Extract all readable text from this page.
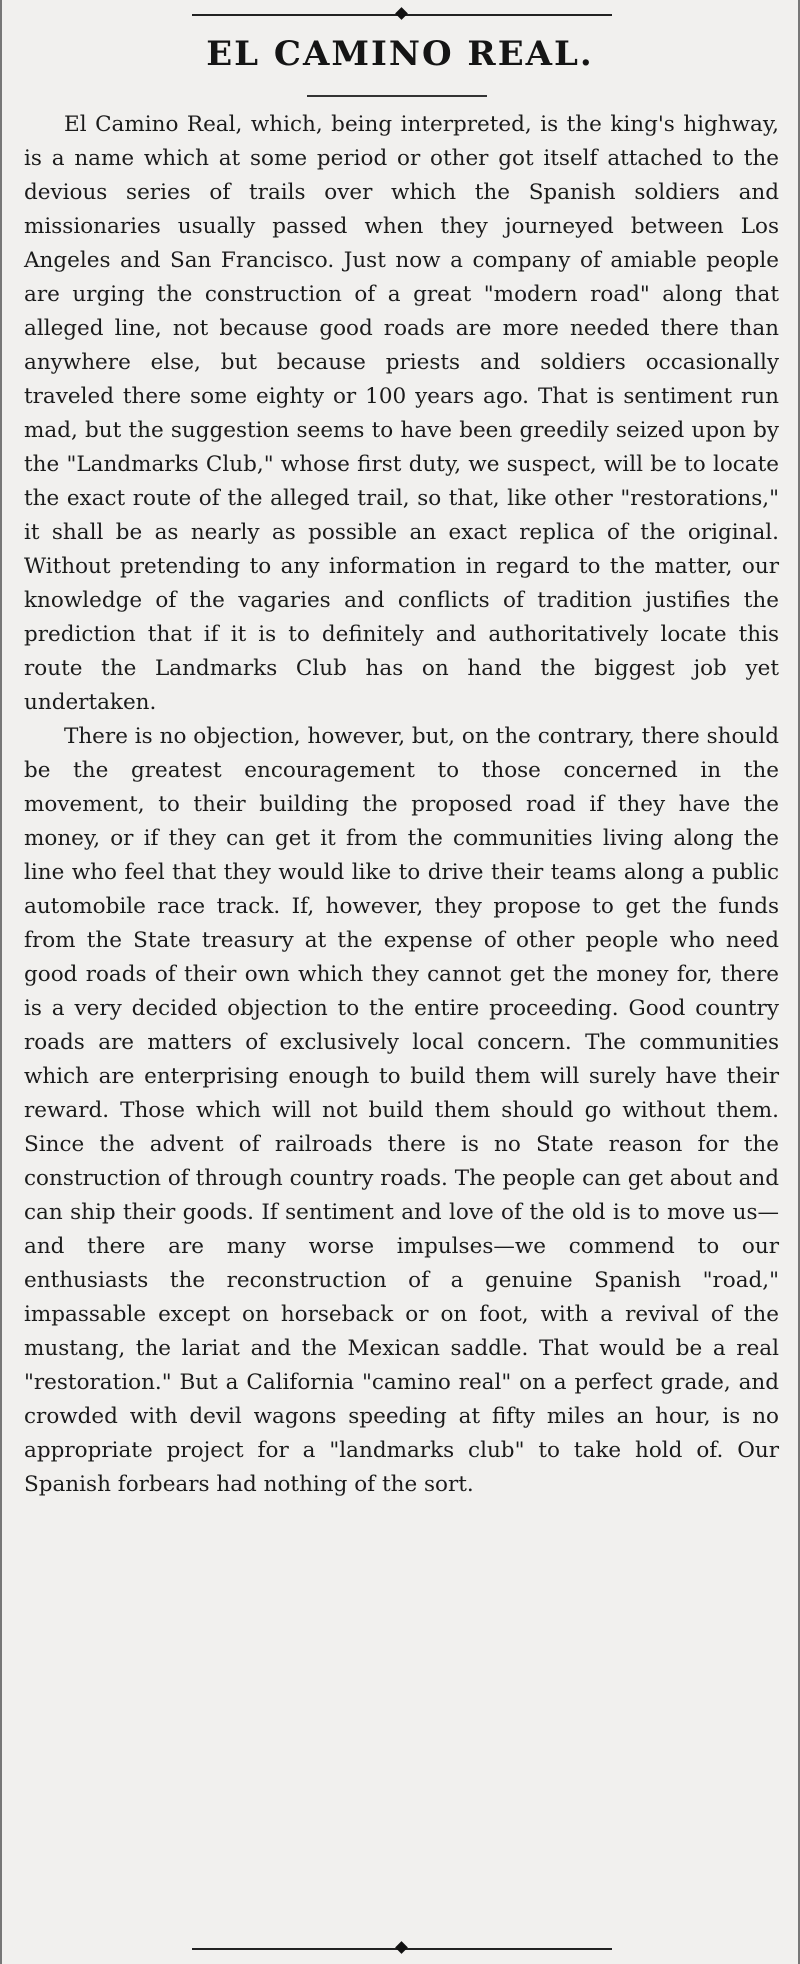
EL CAMINO REAL.

El Camino Real, which, being interpreted, is the king's highway, is a name which at some period or other got itself attached to the devious series of trails over which the Spanish soldiers and missionaries usually passed when they journeyed between Los Angeles and San Francisco. Just now a company of amiable people are urging the construction of a great "modern road" along that alleged line, not because good roads are more needed there than anywhere else, but because priests and soldiers occasionally traveled there some eighty or 100 years ago. That is sentiment run mad, but the suggestion seems to have been greedily seized upon by the "Landmarks Club," whose first duty, we suspect, will be to locate the exact route of the alleged trail, so that, like other "restorations," it shall be as nearly as possible an exact replica of the original. Without pretending to any information in regard to the matter, our knowledge of the vagaries and conflicts of tradition justifies the prediction that if it is to definitely and authoritatively locate this route the Landmarks Club has on hand the biggest job yet undertaken.

There is no objection, however, but, on the contrary, there should be the greatest encouragement to those concerned in the movement, to their building the proposed road if they have the money, or if they can get it from the communities living along the line who feel that they would like to drive their teams along a public automobile race track. If, however, they propose to get the funds from the State treasury at the expense of other people who need good roads of their own which they cannot get the money for, there is a very decided objection to the entire proceeding. Good country roads are matters of exclusively local concern. The communities which are enterprising enough to build them will surely have their reward. Those which will not build them should go without them. Since the advent of railroads there is no State reason for the construction of through country roads. The people can get about and can ship their goods. If sentiment and love of the old is to move us—and there are many worse impulses—we commend to our enthusiasts the reconstruction of a genuine Spanish "road," impassable except on horseback or on foot, with a revival of the mustang, the lariat and the Mexican saddle. That would be a real "restoration." But a California "camino real" on a perfect grade, and crowded with devil wagons speeding at fifty miles an hour, is no appropriate project for a "landmarks club" to take hold of. Our Spanish forbears had nothing of the sort.
